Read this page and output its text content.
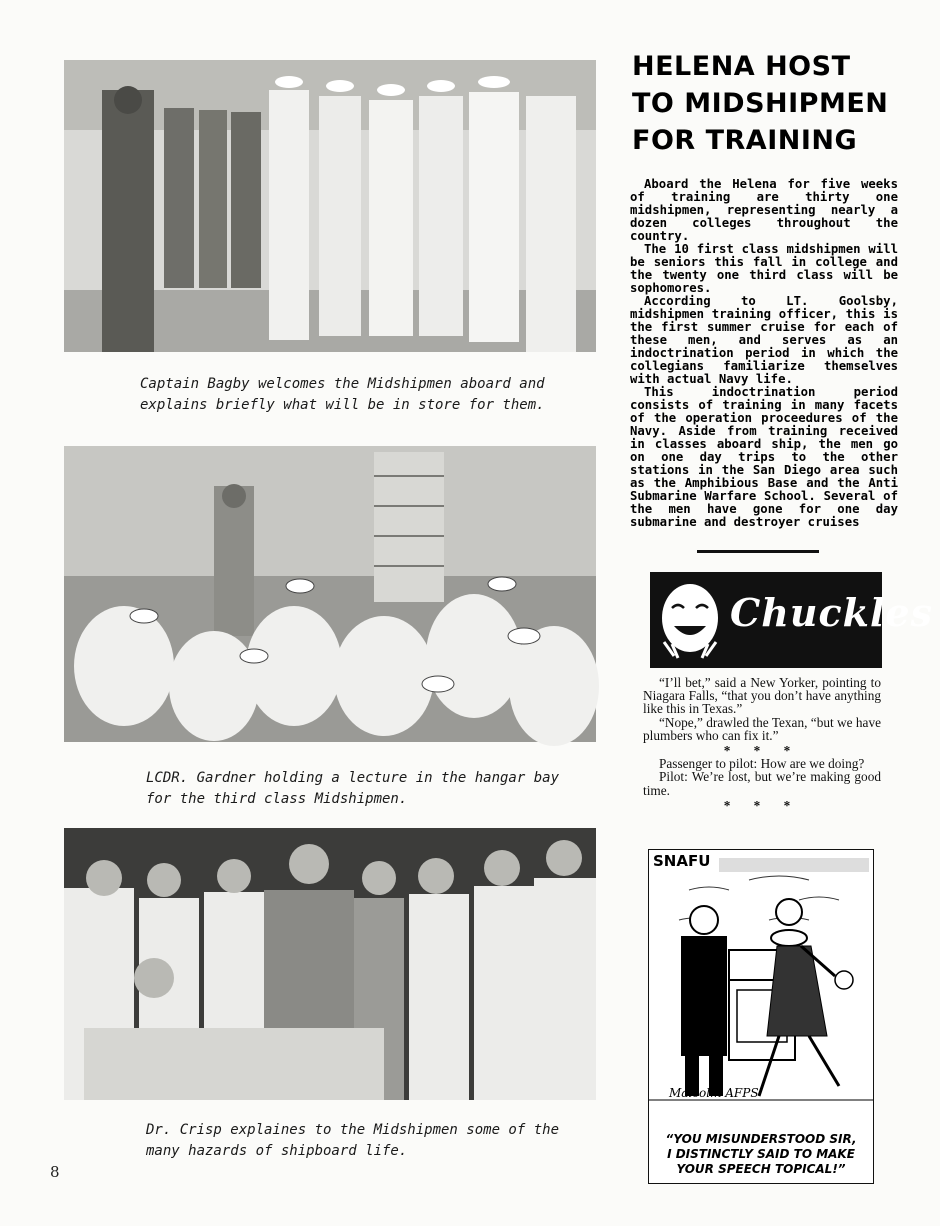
Captain Bagby welcomes the Midshipmen aboard and
explains briefly what will be in store for them.
LCDR. Gardner holding a lecture in the hangar bay
for the third class Midshipmen.
Dr. Crisp explaines to the Midshipmen some of the
many hazards of shipboard life.
HELENA HOST
TO MIDSHIPMEN
FOR TRAINING

Aboard the Helena for five weeks of training are thirty one midshipmen, representing nearly a dozen colleges throughout the country.

The 10 first class midshipmen will be seniors this fall in college and the twenty one third class will be sophomores.

According to LT. Goolsby, midshipmen training officer, this is the first summer cruise for each of these men, and serves as an indoctrination period in which the collegians familiarize themselves with actual Navy life.

This indoctrination period consists of training in many facets of the operation proceedures of the Navy. Aside from training received in classes aboard ship, the men go on one day trips to the other stations in the San Diego area such as the Amphibious Base and the Anti Submarine Warfare School. Several of the men have gone for one day submarine and destroyer cruises

Chuckles

“I’ll bet,” said a New Yorker, pointing to Niagara Falls, “that you don’t have anything like this in Texas.”

“Nope,” drawled the Texan, “but we have plumbers who can fix it.”

* * *

Passenger to pilot: How are we doing?

Pilot: We’re lost, but we’re making good time.

* * *

SNAFU
Malcolm AFPS
“YOU MISUNDERSTOOD SIR,
I DISTINCTLY SAID TO MAKE
YOUR SPEECH TOPICAL!”
8
